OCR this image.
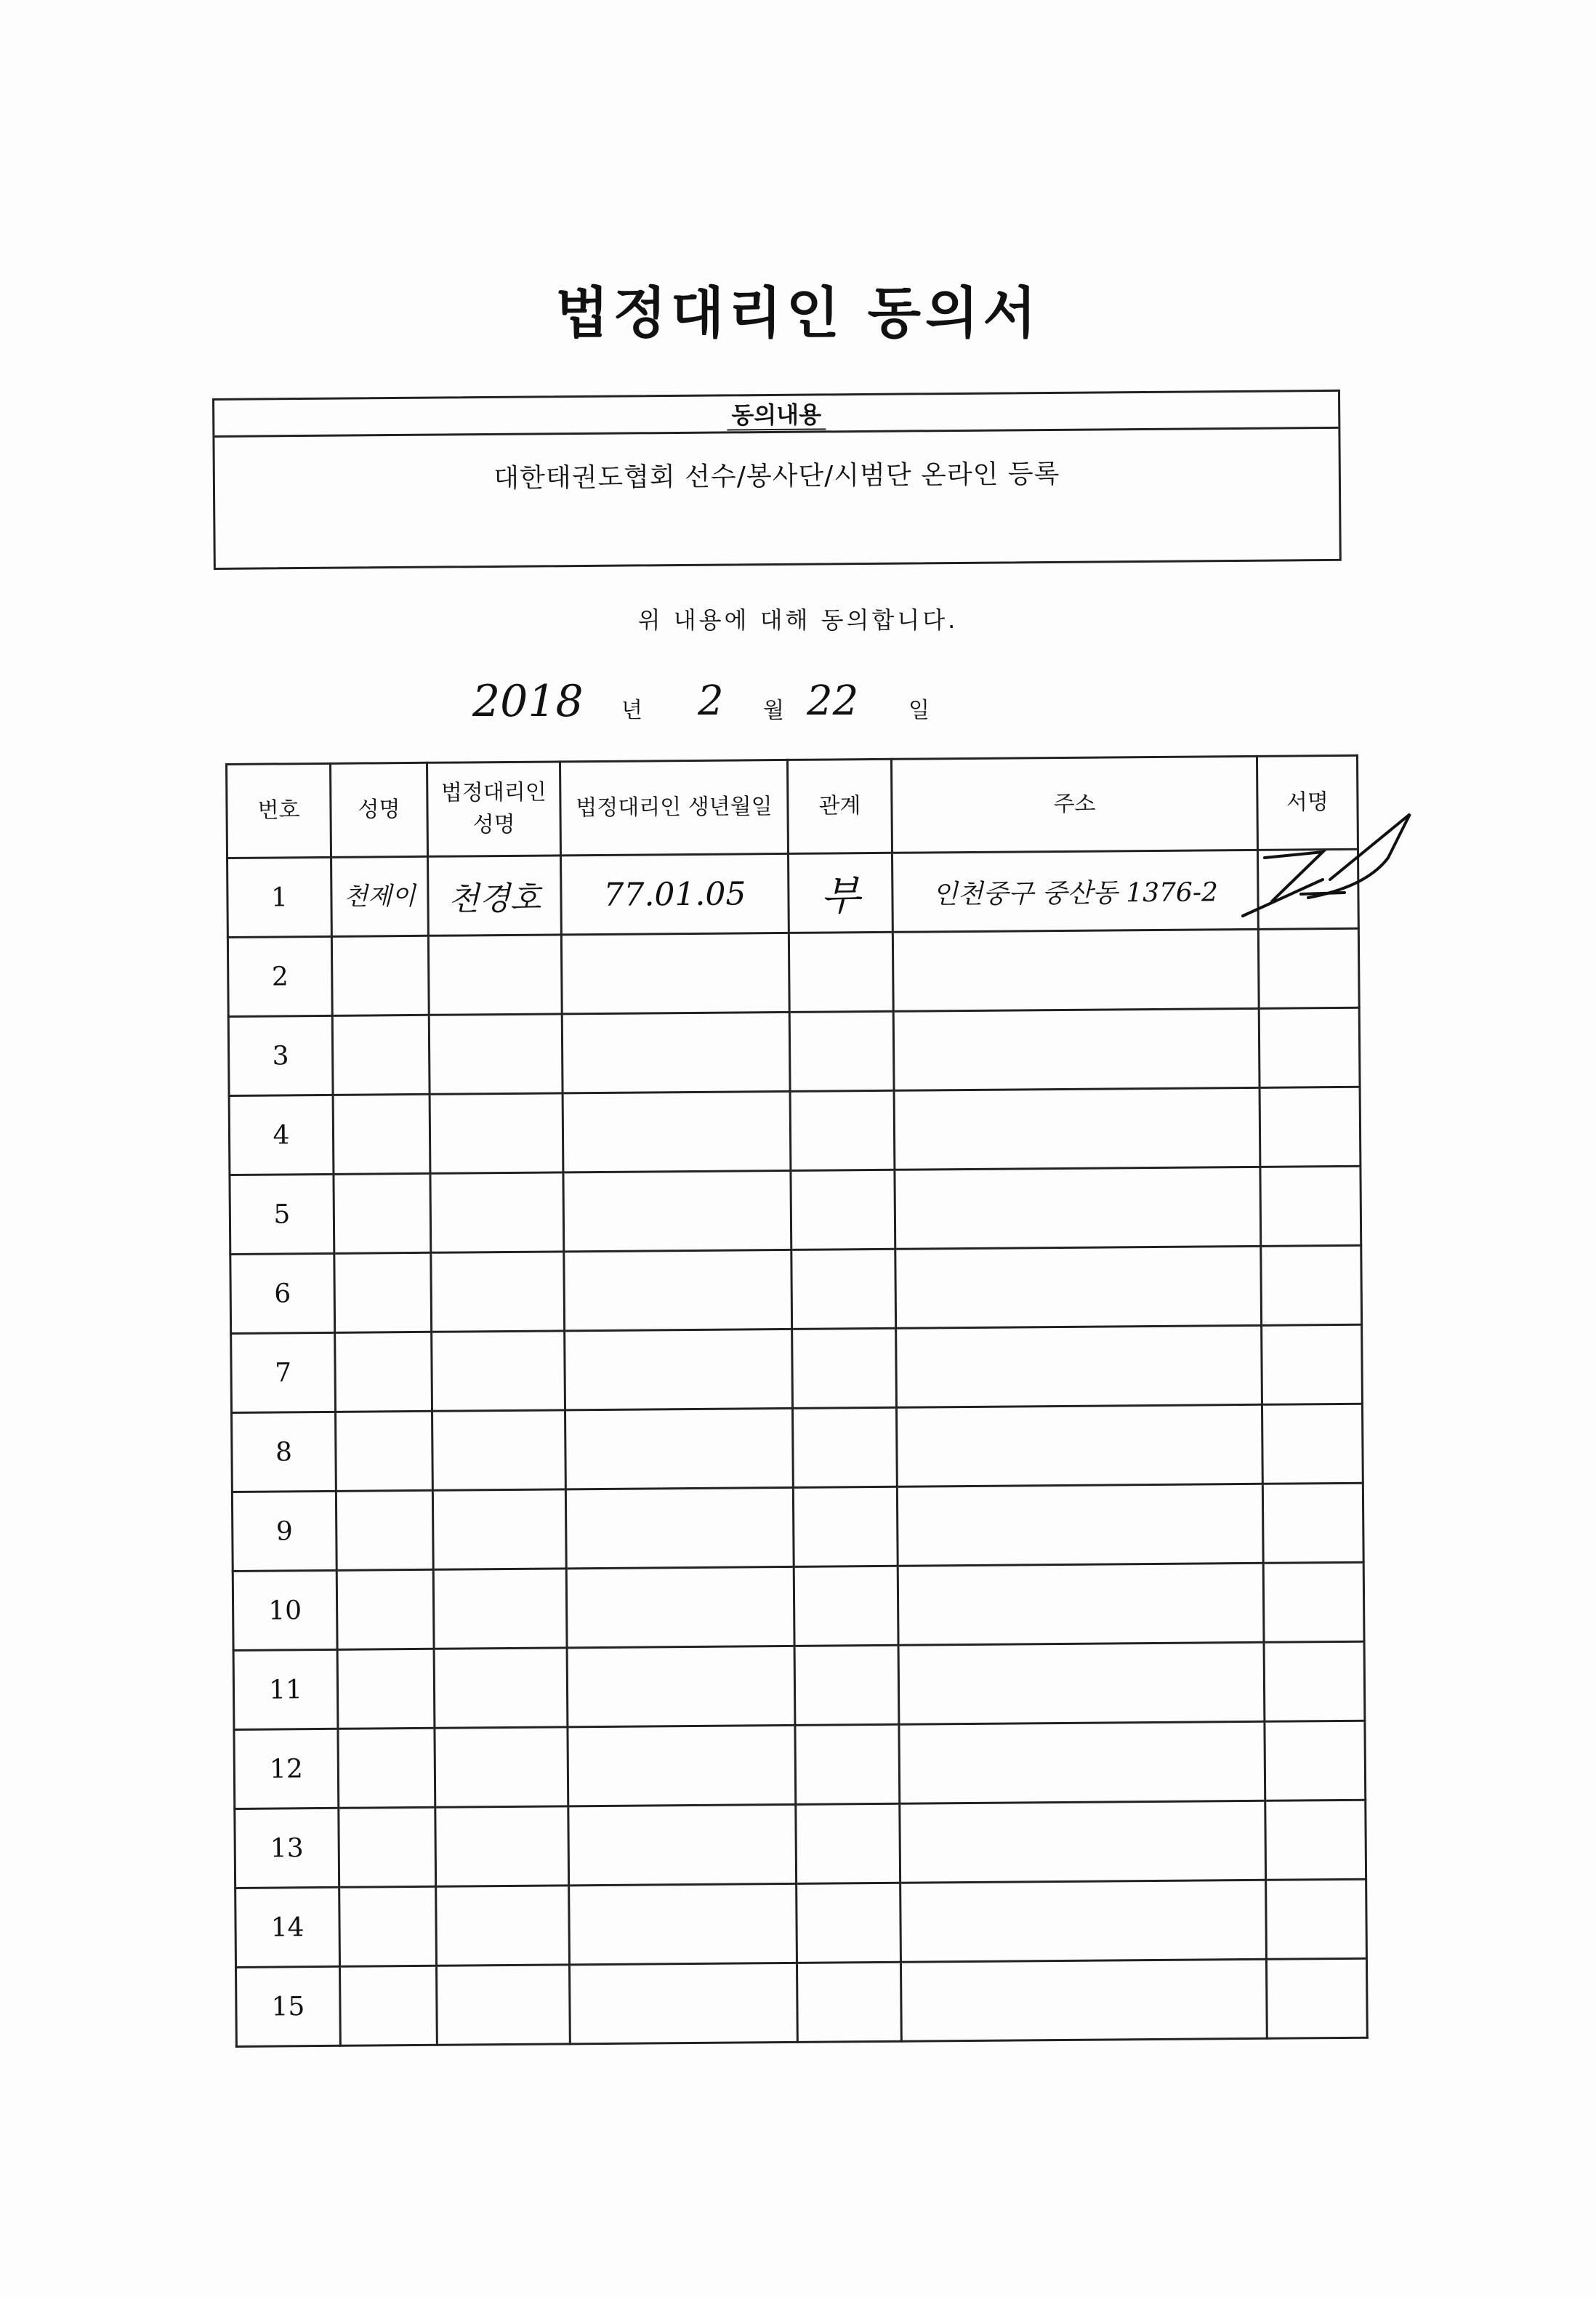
법정대리인 동의서
동의내용
대한태권도협회 선수/봉사단/시범단 온라인 등록
위 내용에 대해 동의합니다.
2018 년 2 월 22 일
번호	성명	법정대리인 성명	법정대리인 생년월일	관계	주소	서명
1	천제이	천경호	77.01.05	부	인천중구 중산동 1376-2	
2						
3						
4						
5						
6						
7						
8						
9						
10						
11						
12						
13						
14						
15						
